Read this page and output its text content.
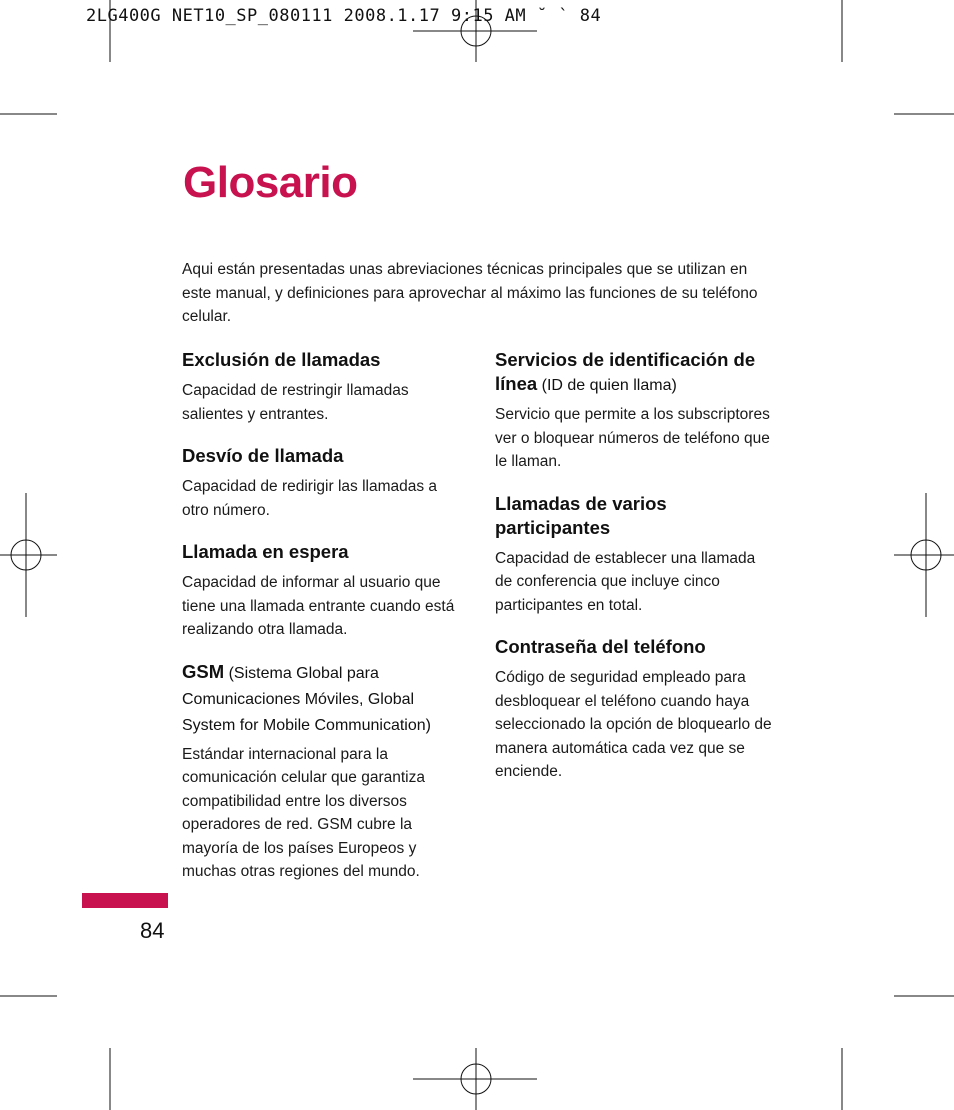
2LG400G NET10_SP_080111 2008.1.17 9:15 AM ˘ ` 84
Glosario

Aqui están presentadas unas abreviaciones técnicas principales que se utilizan en este manual, y definiciones para aprovechar al máximo las funciones de su teléfono celular.

Exclusión de llamadas

Capacidad de restringir llamadas salientes y entrantes.

Desvío de llamada

Capacidad de redirigir las llamadas a otro número.

Llamada en espera

Capacidad de informar al usuario que tiene una llamada entrante cuando está realizando otra llamada.

GSM (Sistema Global para Comunicaciones Móviles, Global System for Mobile Communication)

Estándar internacional para la comunicación celular que garantiza compatibilidad entre los diversos operadores de red. GSM cubre la mayoría de los países Europeos y muchas otras regiones del mundo.

Servicios de identificación de línea (ID de quien llama)

Servicio que permite a los subscriptores ver o bloquear números de teléfono que le llaman.

Llamadas de varios participantes

Capacidad de establecer una llamada de conferencia que incluye cinco participantes en total.

Contraseña del teléfono

Código de seguridad empleado para desbloquear el teléfono cuando haya seleccionado la opción de bloquearlo de manera automática cada vez que se enciende.

84
